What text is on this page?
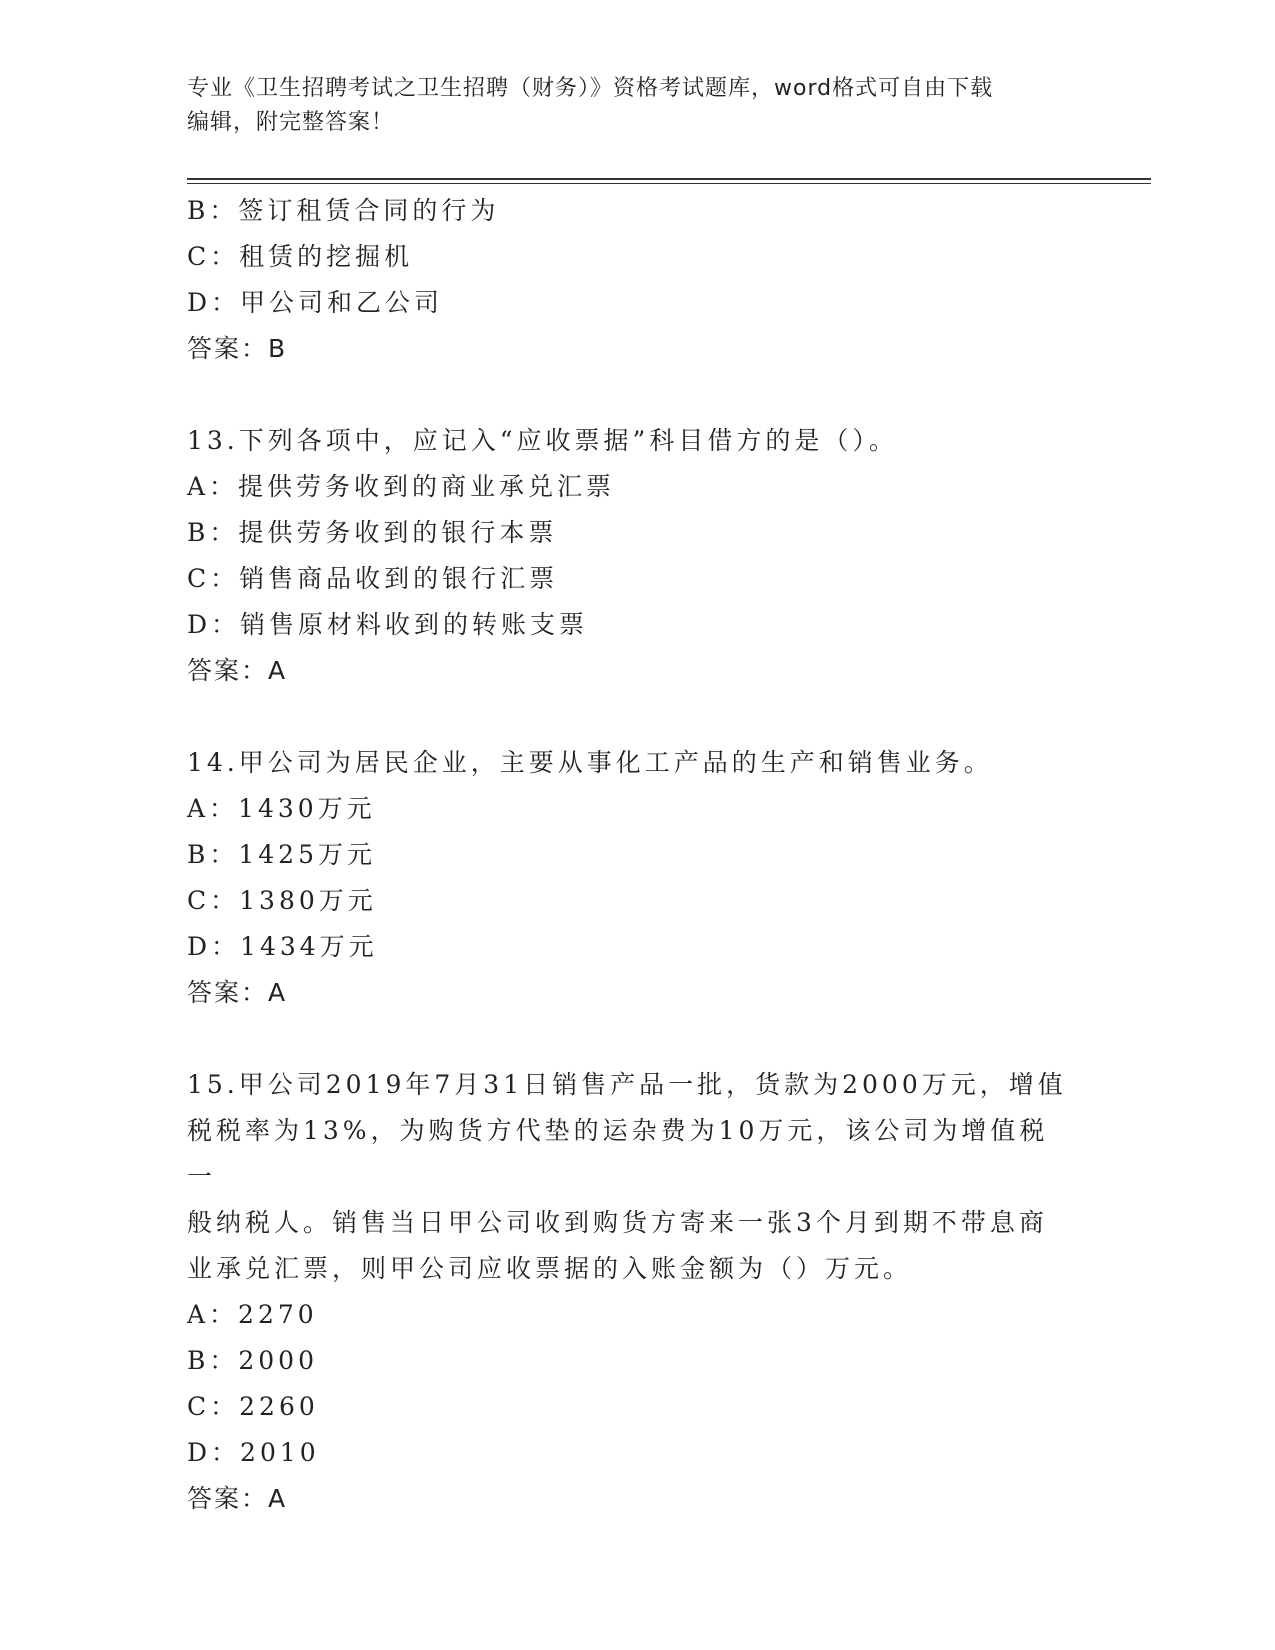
专业《卫生招聘考试之卫生招聘（财务）》资格考试题库，word格式可自由下载
编辑，附完整答案！
B：签订租赁合同的行为
C：租赁的挖掘机
D：甲公司和乙公司
答案：B
13.下列各项中，应记入“应收票据”科目借方的是（）。
A：提供劳务收到的商业承兑汇票
B：提供劳务收到的银行本票
C：销售商品收到的银行汇票
D：销售原材料收到的转账支票
答案：A
14.甲公司为居民企业，主要从事化工产品的生产和销售业务。
A：1430万元
B：1425万元
C：1380万元
D：1434万元
答案：A
15.甲公司2019年7月31日销售产品一批，货款为2000万元，增值
税税率为13%，为购货方代垫的运杂费为10万元，该公司为增值税一
般纳税人。销售当日甲公司收到购货方寄来一张3个月到期不带息商
业承兑汇票，则甲公司应收票据的入账金额为（）万元。
A：2270
B：2000
C：2260
D：2010
答案：A
